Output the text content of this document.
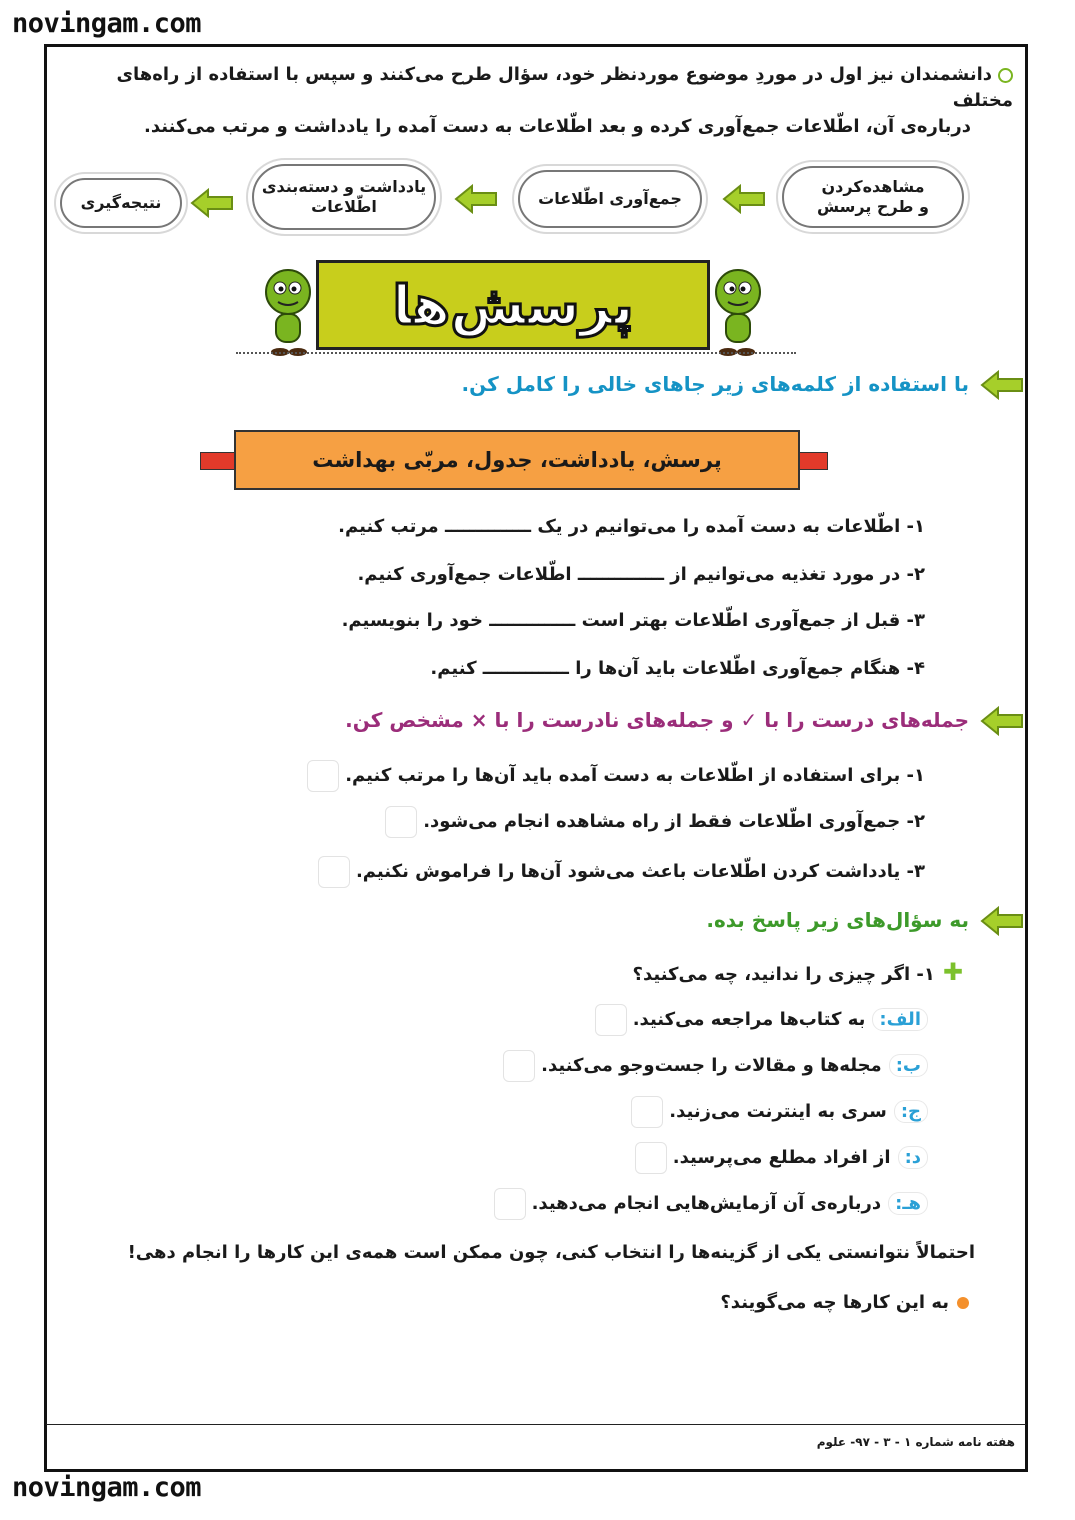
novingam.com
novingam.com
دانشمندان نیز اول در موردِ موضوع موردنظر خود، سؤال طرح می‌کنند و سپس با استفاده از راه‌های مختلف
درباره‌ی آن، اطّلاعات جمع‌آوری کرده و بعد اطّلاعات به دست آمده را یادداشت و مرتب می‌کنند.
مشاهده‌کردن
و طرح پرسش
جمع‌آوری اطّلاعات
یادداشت و دسته‌بندی
اطّلاعات
نتیجه‌گیری
پرسش‌ها
با استفاده از کلمه‌های زیر جاهای خالی را کامل کن.
پرسش، یادداشت، جدول، مربّی بهداشت
۱- اطّلاعات به دست آمده را می‌توانیم در یک ــــــــــــــ مرتب کنیم.
۲- در مورد تغذیه می‌توانیم از ــــــــــــــ اطّلاعات جمع‌آوری کنیم.
۳- قبل از جمع‌آوری اطّلاعات بهتر است ــــــــــــــ خود را بنویسیم.
۴- هنگام جمع‌آوری اطّلاعات باید آن‌ها را ــــــــــــــ کنیم.
جمله‌های درست را با ✓ و جمله‌های نادرست را با × مشخص کن.
۱- برای استفاده از اطّلاعات به دست آمده باید آن‌ها را مرتب کنیم.
۲- جمع‌آوری اطّلاعات فقط از راه مشاهده انجام می‌شود.
۳- یادداشت کردن اطّلاعات باعث می‌شود آن‌ها را فراموش نکنیم.
به سؤال‌های زیر پاسخ بده.
✚۱- اگر چیزی را ندانید، چه می‌کنید؟
الف:به کتاب‌ها مراجعه می‌کنید.
ب:مجله‌ها و مقالات را جست‌وجو می‌کنید.
ج:سری به اینترنت می‌زنید.
د:از افراد مطلع می‌پرسید.
هـ:درباره‌ی آن آزمایش‌هایی انجام می‌دهید.
احتمالاً نتوانستی یکی از گزینه‌ها را انتخاب کنی، چون ممکن است همه‌ی این کارها را انجام دهی!
به این کارها چه می‌گویند؟
هفته نامه شماره ۱ - ۳ - ۹۷- علوم
